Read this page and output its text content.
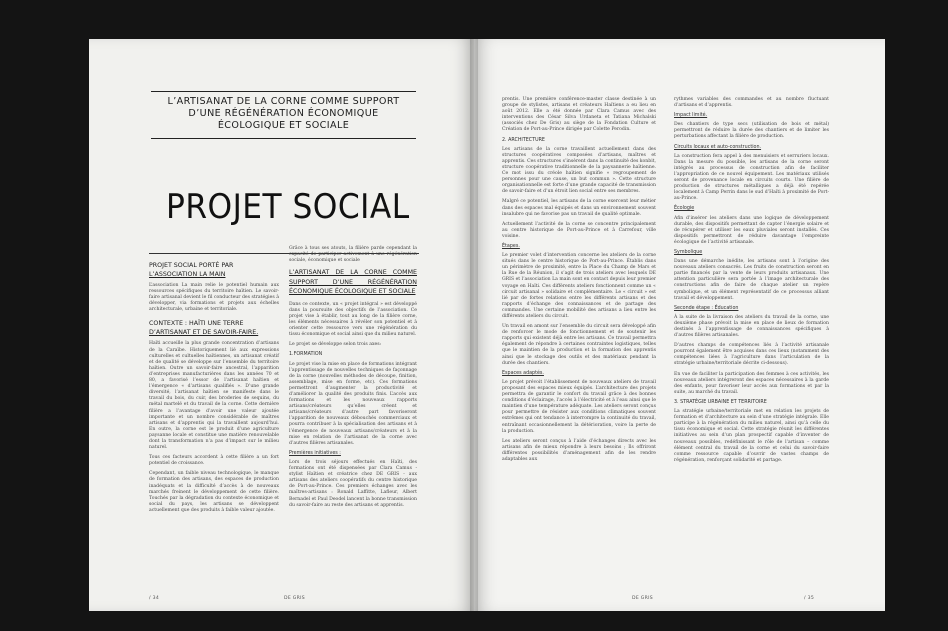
L’ARTISANAT DE LA CORNE COMME SUPPORT
D’UNE RÉGÉNÉRATION ÉCONOMIQUE
ÉCOLOGIQUE ET SOCIALE
PROJET SOCIAL
PROJET SOCIAL PORTÉ PAR
L’ASSOCIATION LA MAIN

L’association La main relie le potentiel humain aux ressources spécifiques du territoire haïtien. Le savoir-faire artisanal devient le fil conducteur des stratégies à développer, via formations et projets aux échelles architecturale, urbaine et territoriale.

CONTEXTE : HAÏTI UNE TERRE
D’ARTISANAT ET DE SAVOIR-FAIRE.

Haïti accueille la plus grande concentration d’artisans de la Caraïbe. Historiquement lié aux expressions culturelles et cultuelles haïtiennes, un artisanat créatif et de qualité se développe sur l’ensemble du territoire haïtien. Outre un savoir-faire ancestral, l’apparition d’entreprises manufacturières dans les années 70 et 80, a favorisé l’essor de l’artisanat haïtien et l’émergence « d’artisans qualifiés ». D’une grande diversité, l’artisanat haïtien se manifeste dans le travail du bois, du cuir, des broderies de sequins, du métal martelé et du travail de la corne. Cette dernière filière a l’avantage d’avoir une valeur ajoutée importante et un nombre considérable de maîtres artisans et d’apprentis qui la travaillent aujourd’hui. En outre, la corne est le produit d’une agriculture paysanne locale et constitue une matière renouvelable dont la transformation n’a pas d’impact sur le milieu naturel.

Tous ces facteurs accordent à cette filière a un fort potentiel de croissance.

Cependant, un faible niveau technologique, le manque de formation des artisans, des espaces de production inadéquats et la difficulté d’accès à de nouveaux marchés freinent le développement de cette filière. Touchés par la dégradation du contexte économique et social du pays, les artisans se développent actuellement que des produits à faible valeur ajoutée.

Grâce à tous ses atouts, la filière parde cependant la capacité de participer activement à une régénération sociale, économique et sociale

L’ARTISANAT DE LA CORNE COMME SUPPORT D’UNE RÉGÉNÉRATION ÉCONOMIQUE ÉCOLOGIQUE ET SOCIALE

Dans ce contexte, un « projet intégral » est développé dans la poursuite des objectifs de l’association. Ce projet vise à établir, tout au long de la filière corne, les éléments nécessaires à révéler son potentiel et à orienter cette ressource vers une régénération du tissu économique et social ainsi que du milieu naturel.

Le projet se développe selon trois axes:

1.FORMATION

Le projet vise la mise en place de formations intégrant l’apprentissage de nouvelles techniques de façonnage de la corne (nouvelles méthodes de découpe, finition, assemblage, mise en forme, etc). Ces formations permettront d’augmenter la productivité et d’améliorer la qualité des produits finis. L’accès aux formations et les nouveaux rapports artisans/créateurs qu’elles créent et artisans/créateurs d’autre part favoriseront l’apparition de nouveaux débouchés commerciaux et pourra contribuer à la spécialisation des artisans et à l’émergence de nouveaux artisans/créateurs et à la mise en relation de l’artisanat de la corne avec d’autres filières artisanales.

Premières initiatives :

Lors de trois séjours effectués en Haïti, des formations ont été dispensées par Clara Camus - stylist Haïtien et créatrice chez DE GRIS - aux artisans des ateliers coopératifs du centre historique de Port-au-Prince. Ces premiers échanges avec les maîtres-artisans : Ronald Laffitte, Lafleur, Albert Bernadel et Paul Deodel lancent la bonne transmission du savoir-faire au reste des artisans et apprentis.

/ 34	DE GRIS

prentis. Une première conférence-master classe destinée à un groupe de stylistes, artisans et créateurs Haïtiens a eu lieu en août 2012. Elle a été donnée par Clara Camus avec des interventions des César Silva Urdaneta et Tatiana Michalski (associés chez De Gris) au siège de la Fondation Culture et Création de Port-au-Prince dirigée par Colette Perodin.

2. ARCHITECTURE

Les artisans de la corne travaillent actuellement dans des structures coopératives composées d’artisans, maîtres et apprentis. Ces structures s’insèrent dans la continuité des konbit, structure coopérative traditionnelle de la paysannerie haïtienne. Ce mot issu du créole haïtien signifie « regroupement de personnes pour une cause, un but commun ». Cette structure organisationnelle est forte d’une grande capacité de transmission de savoir-faire et d’un étroit lien social entre ses membres.

Malgré ce potentiel, les artisans de la corne exercent leur métier dans des espaces mal équipés et dans un environnement souvent insalubre qui ne favorise pas un travail de qualité optimale.

Actuellement l’activité de la corne se concentre principalement au centre historique de Port-au-Prince et à Carrefour, ville voisine.

Étapes.

Le premier volet d’intervention concerne les ateliers de la corne situés dans le centre historique de Port-au-Prince. Établis dans un périmètre de proximité, entre la Place du Champ de Mars et la Rue de la Réunion, il s’agit de trois ateliers avec lesquels DE GRIS et l’association La main sont en contact depuis leur premier voyage en Haïti. Ces différents ateliers fonctionnent comme un « circuit artisanal » solidaire et complémentaire. Le « circuit » est lié par de fortes relations entre les différents artisans et des rapports d’échange des connaissances et de partage des commandes. Une certaine mobilité des artisans a lieu entre les différents ateliers du circuit.

Un travail en amont sur l’ensemble du circuit sera développé afin de renforcer le mode de fonctionnement et de soutenir les rapports qui existent déjà entre les artisans. Ce travail permettra également de répondre à certaines contraintes logistiques, telles que le maintien de la production et la formation des apprentis ainsi que le stockage des outils et des matériaux pendant la durée des chantiers.

Espaces adaptés.

Le projet prévoit l’établissement de nouveaux ateliers de travail proposant des espaces mieux équipés. L’architecture des projets permettra de garantir le confort du travail grâce à des bonnes conditions d’éclairage, l’accès à l’électricité et à l’eau ainsi que le maintien d’une température adéquate. Les ateliers seront conçus pour permettre de résister aux conditions climatiques souvent extrêmes qui ont tendance à interrompre la continuité du travail, entraînant occasionnellement la détérioration, voire la perte de la production.

Les ateliers seront conçus à l’aide d’échanges directs avec les artisans afin de mieux répondre à leurs besoins ; Ils offriront différentes possibilités d’aménagement afin de les rendre adaptables aux

rythmes variables des commandes et au nombre fluctuant d’artisans et d’apprentis.

Impact limité.

Des chantiers de type secs (utilisation de bois et métal) permettront de réduire la durée des chantiers et de limiter les perturbations affectant la filière de production.

Circuits locaux et auto-construction.

La construction fera appel à des menuisiers et serruriers locaux. Dans la mesure du possible, les artisans de la corne seront intégrés au processus de construction afin de faciliter l’appropriation de ce nouvel équipement. Les matériaux utilisés seront de provenance locale en circuits courts. Une filière de production de structures métalliques a déjà été repérée localement à Camp Perrin dans le sud d’Haïti à proximité de Port-au-Prince.

Écologie

Afin d’insérer les ateliers dans une logique de développement durable, des dispositifs permettant de capter l’énergie solaire et de récupérer et utiliser les eaux pluviales seront installés. Ces dispositifs permettront de réduire davantage l’empreinte écologique de l’activité artisanale.

Symbolique

Dans une démarche inédite, les artisans sont à l’origine des nouveaux ateliers consacrés. Les fruits de construction seront en partie financés par la vente de leurs produits artisanaux. Une attention particulière sera portée à l’image architecturale des constructions afin de faire de chaque atelier un repère symbolique, et un élément représentatif de ce processus alliant travail et développement.

Seconde étape : Éducation

À la suite de la livraison des ateliers du travail de la corne, une deuxième phase prévoit la mise en place de lieux de formation destinés à l’apprentissage de connaissances spécifiques à d’autres filières artisanales.

D’autres champs de compétences liés à l’activité artisanale pourront également être acquises dans ces lieux (notamment des compétences liées à l’agriculture dans l’articulation de la stratégie urbaine/territoriale décrite ci-dessous).

En vue de faciliter la participation des femmes à ces activités, les nouveaux ateliers intégreront des espaces nécessaires à la garde des enfants, pour favoriser leur accès aux formations et par la suite, au marché du travail.

3. STRATÉGIE URBAINE ET TERRITOIRE

La stratégie urbaine/territoriale met en relation les projets de formation et d’architecture au sein d’une stratégie intégrale. Elle participe à la régénération du milieu naturel, ainsi qu’à celle du tissu économique et social. Cette stratégie réunit les différentes initiatives au sein d’un plan prospectif capable d’inventer de nouveaux possibles, redéfinissant le rôle de l’artisan – comme élément central du travail de la corne et celui du savoir-faire comme ressource capable d’ouvrir de vastes champs de régénération, renforçant solidarité et partage.

DE GRIS	/ 35
